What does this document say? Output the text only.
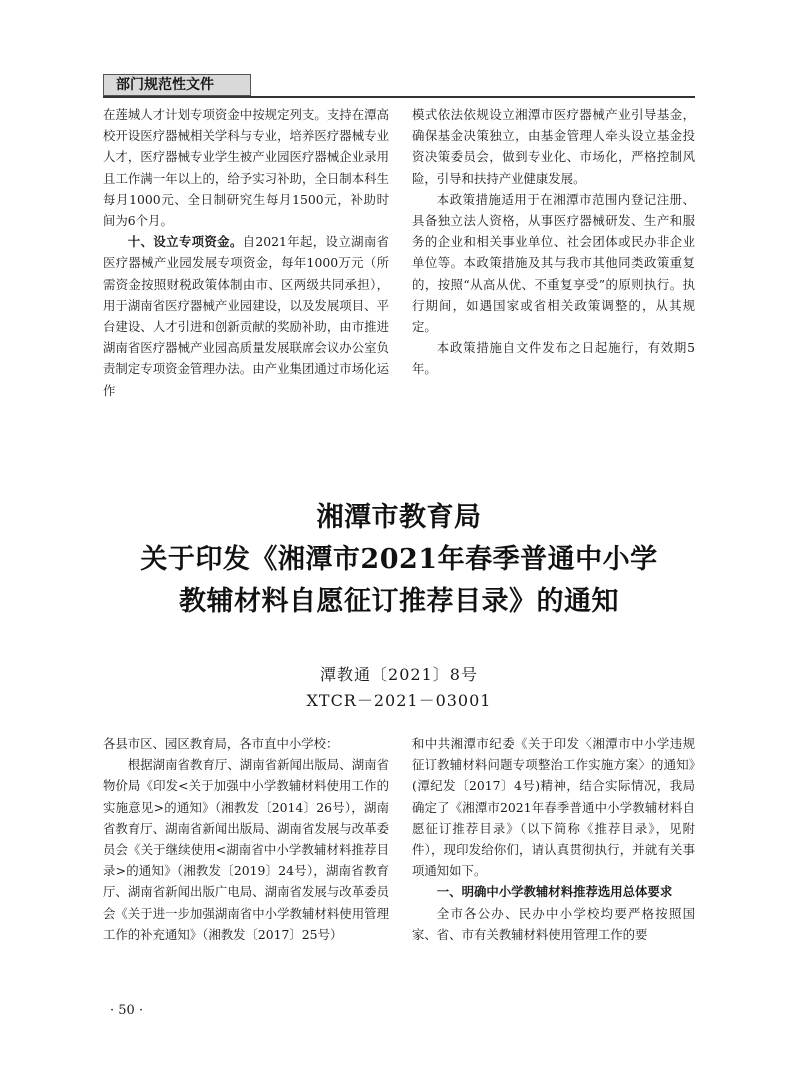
部门规范性文件

在莲城人才计划专项资金中按规定列支。支持在潭高校开设医疗器械相关学科与专业，培养医疗器械专业人才，医疗器械专业学生被产业园医疗器械企业录用且工作满一年以上的，给予实习补助，全日制本科生每月1000元、全日制研究生每月1500元，补助时间为6个月。

十、设立专项资金。自2021年起，设立湖南省医疗器械产业园发展专项资金，每年1000万元（所需资金按照财税政策体制由市、区两级共同承担），用于湖南省医疗器械产业园建设，以及发展项目、平台建设、人才引进和创新贡献的奖励补助，由市推进湖南省医疗器械产业园高质量发展联席会议办公室负责制定专项资金管理办法。由产业集团通过市场化运作

模式依法依规设立湘潭市医疗器械产业引导基金，确保基金决策独立，由基金管理人牵头设立基金投资决策委员会，做到专业化、市场化，严格控制风险，引导和扶持产业健康发展。

本政策措施适用于在湘潭市范围内登记注册、具备独立法人资格，从事医疗器械研发、生产和服务的企业和相关事业单位、社会团体或民办非企业单位等。本政策措施及其与我市其他同类政策重复的，按照“从高从优、不重复享受”的原则执行。执行期间，如遇国家或省相关政策调整的，从其规定。

本政策措施自文件发布之日起施行，有效期5年。

湘潭市教育局
关于印发《湘潭市2021年春季普通中小学
教辅材料自愿征订推荐目录》的通知
潭教通〔2021〕8号
XTCR－2021－03001

各县市区、园区教育局，各市直中小学校：

根据湖南省教育厅、湖南省新闻出版局、湖南省物价局《印发<关于加强中小学教辅材料使用工作的实施意见>的通知》（湘教发〔2014〕26号），湖南省教育厅、湖南省新闻出版局、湖南省发展与改革委员会《关于继续使用<湖南省中小学教辅材料推荐目录>的通知》（湘教发〔2019〕24号），湖南省教育厅、湖南省新闻出版广电局、湖南省发展与改革委员会《关于进一步加强湖南省中小学教辅材料使用管理工作的补充通知》（湘教发〔2017〕25号）

和中共湘潭市纪委《关于印发〈湘潭市中小学违规征订教辅材料问题专项整治工作实施方案〉的通知》(潭纪发〔2017〕4号)精神，结合实际情况，我局确定了《湘潭市2021年春季普通中小学教辅材料自愿征订推荐目录》（以下简称《推荐目录》，见附件），现印发给你们，请认真贯彻执行，并就有关事项通知如下。

一、明确中小学教辅材料推荐选用总体要求

全市各公办、民办中小学校均要严格按照国家、省、市有关教辅材料使用管理工作的要

· 50 ·
